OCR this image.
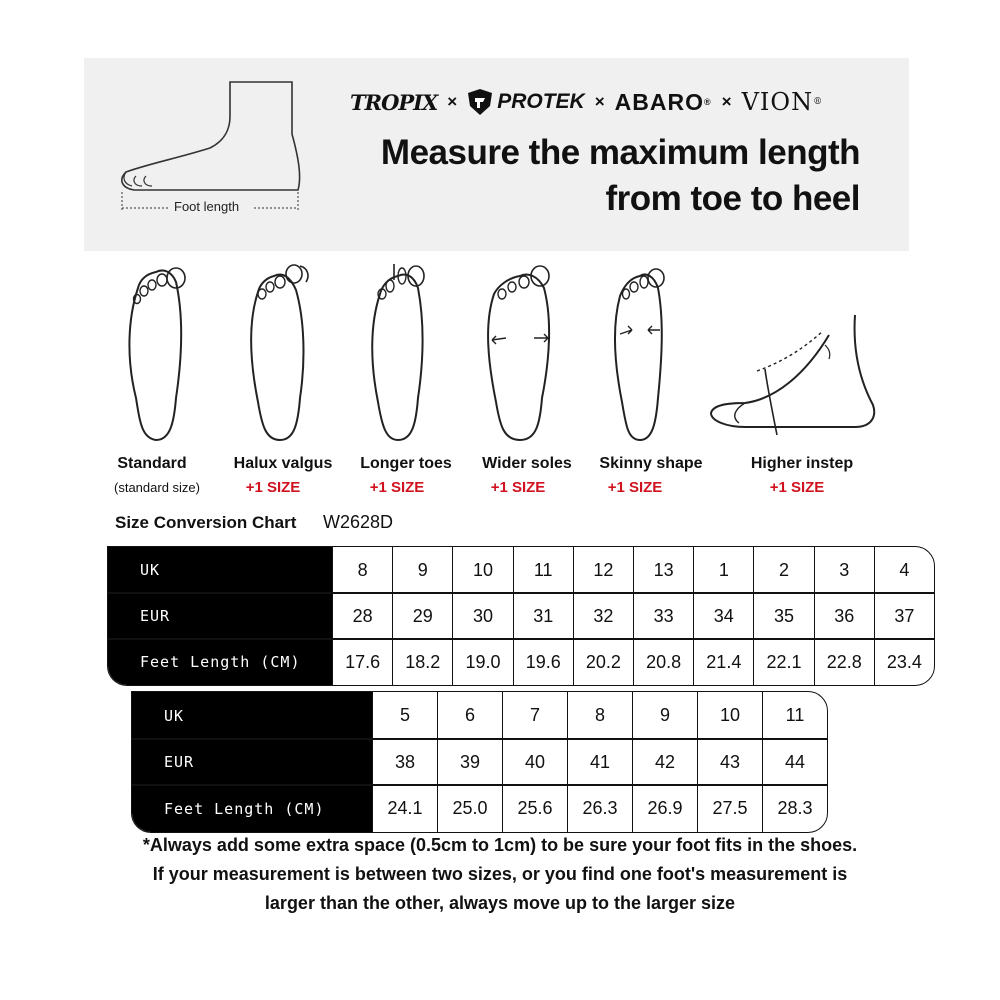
Foot length
TROPIX × PROTEK × ABARO ® × VION ®
Measure the maximum length
from toe to heel
Standard
(standard size)
Halux valgus
+1 SIZE
Longer toes
+1 SIZE
Wider soles
+1 SIZE
Skinny shape
+1 SIZE
Higher instep
+1 SIZE
Size Conversion Chart W2628D
UK	8	9	10	11	12	13	1	2	3	4
EUR	28	29	30	31	32	33	34	35	36	37
Feet Length (CM)	17.6	18.2	19.0	19.6	20.2	20.8	21.4	22.1	22.8	23.4
UK	5	6	7	8	9	10	11
EUR	38	39	40	41	42	43	44
Feet Length (CM)	24.1	25.0	25.6	26.3	26.9	27.5	28.3
*Always add some extra space (0.5cm to 1cm) to be sure your foot fits in the shoes.
If your measurement is between two sizes, or you find one foot's measurement is
larger than the other, always move up to the larger size
